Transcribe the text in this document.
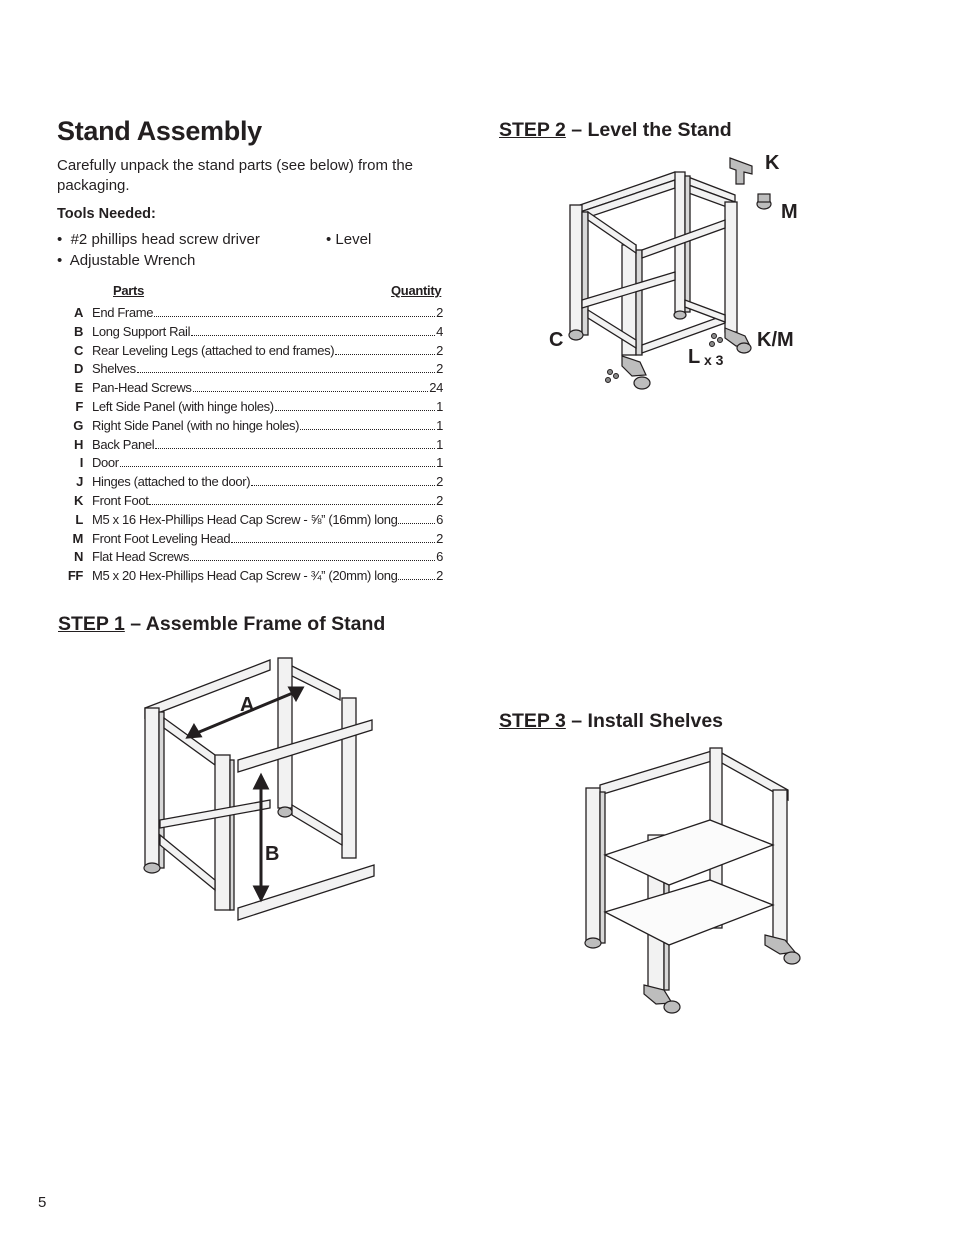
Stand Assembly

Carefully unpack the stand parts (see below) from the packaging.

Tools Needed:

•  #2 phillips head screw driver	• Level
•  Adjustable Wrench
Parts	Quantity
A End Frame	2
B Long Support Rail	4
C Rear Leveling Legs (attached to end frames)	2
D Shelves	2
E Pan-Head Screws	24
F Left Side Panel (with hinge holes)	1
G Right Side Panel (with no hinge holes)	1
H Back Panel	1
I Door	1
J Hinges (attached to the door)	2
K Front Foot	2
L M5 x 16 Hex-Phillips Head Cap Screw - ⅝” (16mm) long	6
M Front Foot Leveling Head	2
N Flat Head Screws	6
FF M5 x 20 Hex-Phillips Head Cap Screw - ¾” (20mm) long	2
STEP 2 – Level the Stand
STEP 1 – Assemble Frame of Stand
STEP 3 – Install Shelves
K
M
C	K/M
L x 3
A
B
5
